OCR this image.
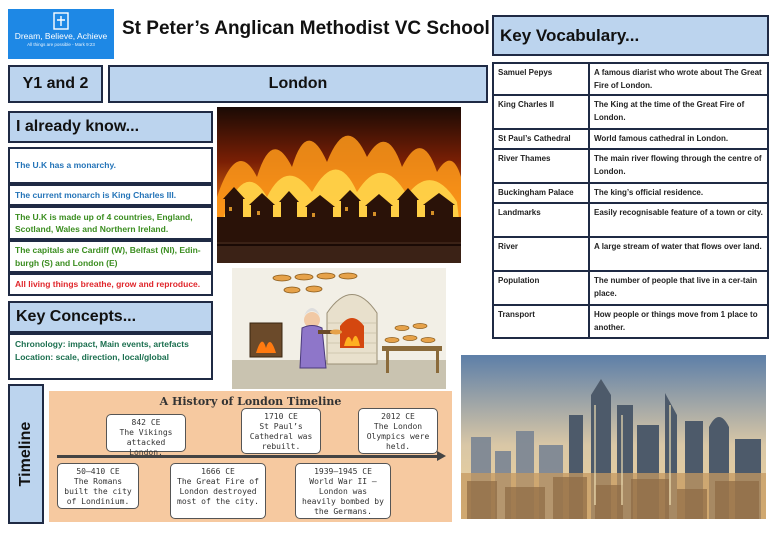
Dream, Believe, Achieve
All things are possible - Mark 9:23
St Peter’s Anglican Methodist VC School Key Vocabulary...
Y1 and 2	London
I already know...
The U.K has a monarchy.
The current monarch is King Charles III.
The U.K is made up of 4 countries, England, Scotland, Wales and Northern Ireland.
The capitals are Cardiff (W), Belfast (NI), Edin-burgh (S) and London (E)
All living things breathe, grow and reproduce.
Key Concepts...
Chronology: impact, Main events, artefacts
Location: scale, direction, local/global
Timeline
A History of London Timeline
842 CE
The Vikings attacked London.
1710 CE
St Paul’s Cathedral was rebuilt.
2012 CE
The London Olympics were held.
50—410 CE
The Romans built the city of Londinium.
1666 CE
The Great Fire of London destroyed most of the city.
1939—1945 CE
World War II – London was heavily bombed by the Germans.
Samuel Pepys	A famous diarist who wrote about The Great Fire of London.
King Charles II	The King at the time of the Great Fire of London.
St Paul’s Cathedral	World famous cathedral in London.
River Thames	The main river flowing through the centre of London.
Buckingham Palace	The king’s official residence.
Landmarks	Easily recognisable feature of a town or city.
River	A large stream of water that flows over land.
Population	The number of people that live in a cer-tain place.
Transport	How people or things move from 1 place to another.
